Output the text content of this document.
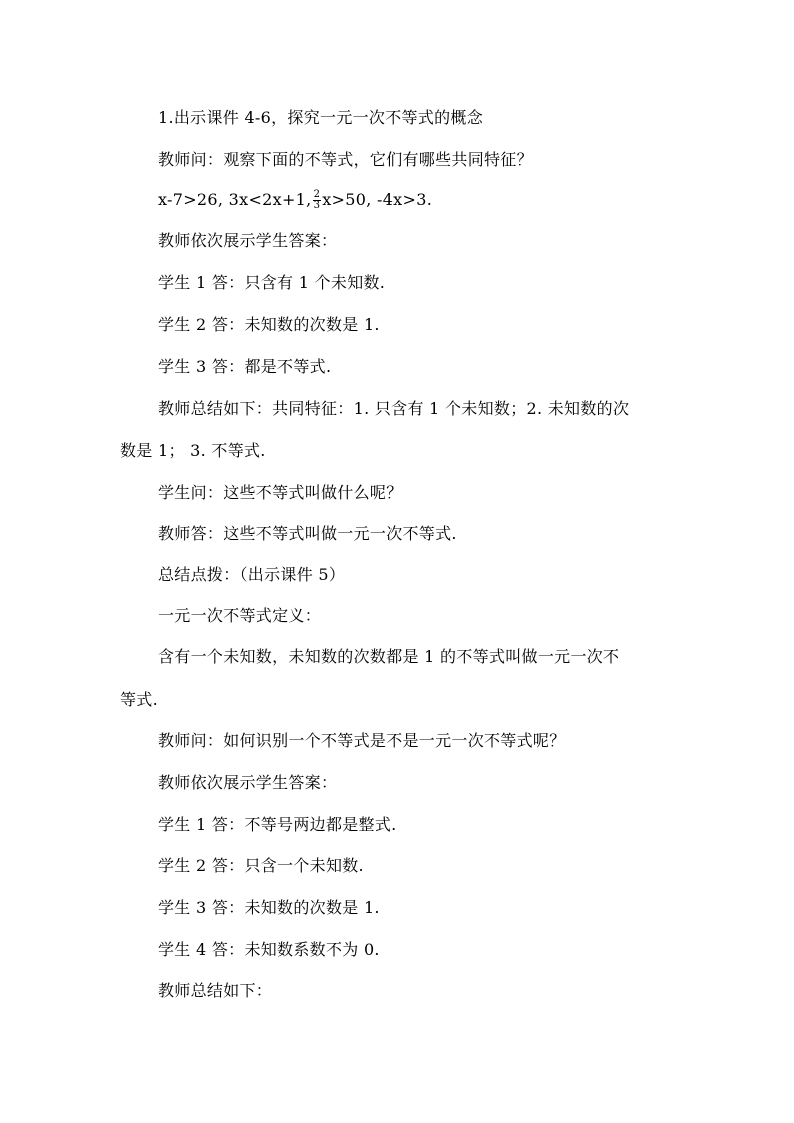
1.出示课件 4-6，探究一元一次不等式的概念
教师问：观察下面的不等式，它们有哪些共同特征？
x-7>26, 3x<2x+1, $\frac{2}{3} x>50$, -4x>3.
教师依次展示学生答案：
学生 1 答：只含有 1 个未知数.
学生 2 答：未知数的次数是 1.
学生 3 答：都是不等式.
教师总结如下：共同特征：1. 只含有 1 个未知数；2. 未知数的次
数是 1； 3. 不等式.
学生问：这些不等式叫做什么呢？
教师答：这些不等式叫做一元一次不等式.
总结点拨：（出示课件 5）
一元一次不等式定义：
含有一个未知数，未知数的次数都是 1 的不等式叫做一元一次不
等式.
教师问：如何识别一个不等式是不是一元一次不等式呢？
教师依次展示学生答案：
学生 1 答：不等号两边都是整式.
学生 2 答：只含一个未知数.
学生 3 答：未知数的次数是 1.
学生 4 答：未知数系数不为 0.
教师总结如下：
